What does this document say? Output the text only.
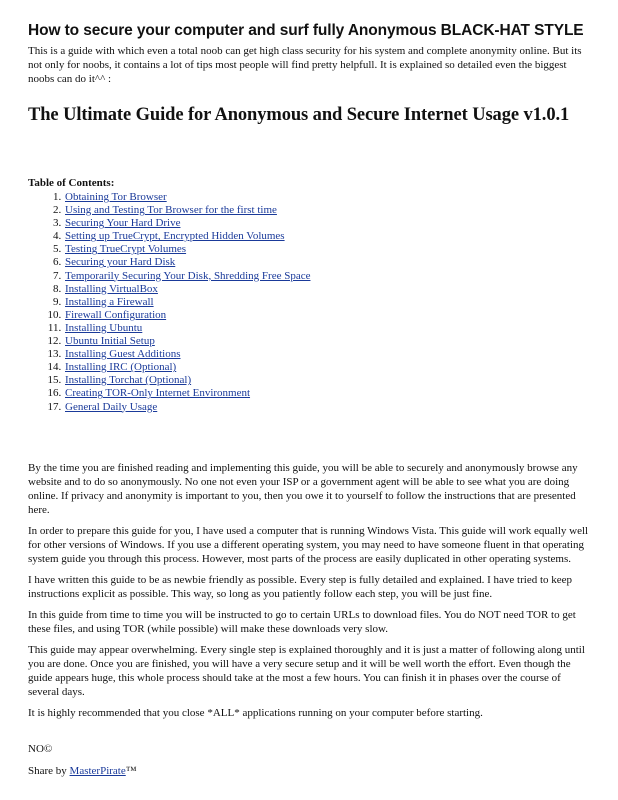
How to secure your computer and surf fully Anonymous BLACK-HAT STYLE

This is a guide with which even a total noob can get high class security for his system and complete anonymity online. But its not only for noobs, it contains a lot of tips most people will find pretty helpfull. It is explained so detailed even the biggest noobs can do it^^ :

The Ultimate Guide for Anonymous and Secure Internet Usage v1.0.1
Table of Contents:
1. Obtaining Tor Browser
2. Using and Testing Tor Browser for the first time
3. Securing Your Hard Drive
4. Setting up TrueCrypt, Encrypted Hidden Volumes
5. Testing TrueCrypt Volumes
6. Securing your Hard Disk
7. Temporarily Securing Your Disk, Shredding Free Space
8. Installing VirtualBox
9. Installing a Firewall
10. Firewall Configuration
11. Installing Ubuntu
12. Ubuntu Initial Setup
13. Installing Guest Additions
14. Installing IRC (Optional)
15. Installing Torchat (Optional)
16. Creating TOR-Only Internet Environment
17. General Daily Usage

By the time you are finished reading and implementing this guide, you will be able to securely and anonymously browse any website and to do so anonymously. No one not even your ISP or a government agent will be able to see what you are doing online. If privacy and anonymity is important to you, then you owe it to yourself to follow the instructions that are presented here.

In order to prepare this guide for you, I have used a computer that is running Windows Vista. This guide will work equally well for other versions of Windows. If you use a different operating system, you may need to have someone fluent in that operating system guide you through this process. However, most parts of the process are easily duplicated in other operating systems.

I have written this guide to be as newbie friendly as possible. Every step is fully detailed and explained. I have tried to keep instructions explicit as possible. This way, so long as you patiently follow each step, you will be just fine.

In this guide from time to time you will be instructed to go to certain URLs to download files. You do NOT need TOR to get these files, and using TOR (while possible) will make these downloads very slow.

This guide may appear overwhelming. Every single step is explained thoroughly and it is just a matter of following along until you are done. Once you are finished, you will have a very secure setup and it will be well worth the effort. Even though the guide appears huge, this whole process should take at the most a few hours. You can finish it in phases over the course of several days.

It is highly recommended that you close *ALL* applications running on your computer before starting.

NO©

Share by MasterPirate™
